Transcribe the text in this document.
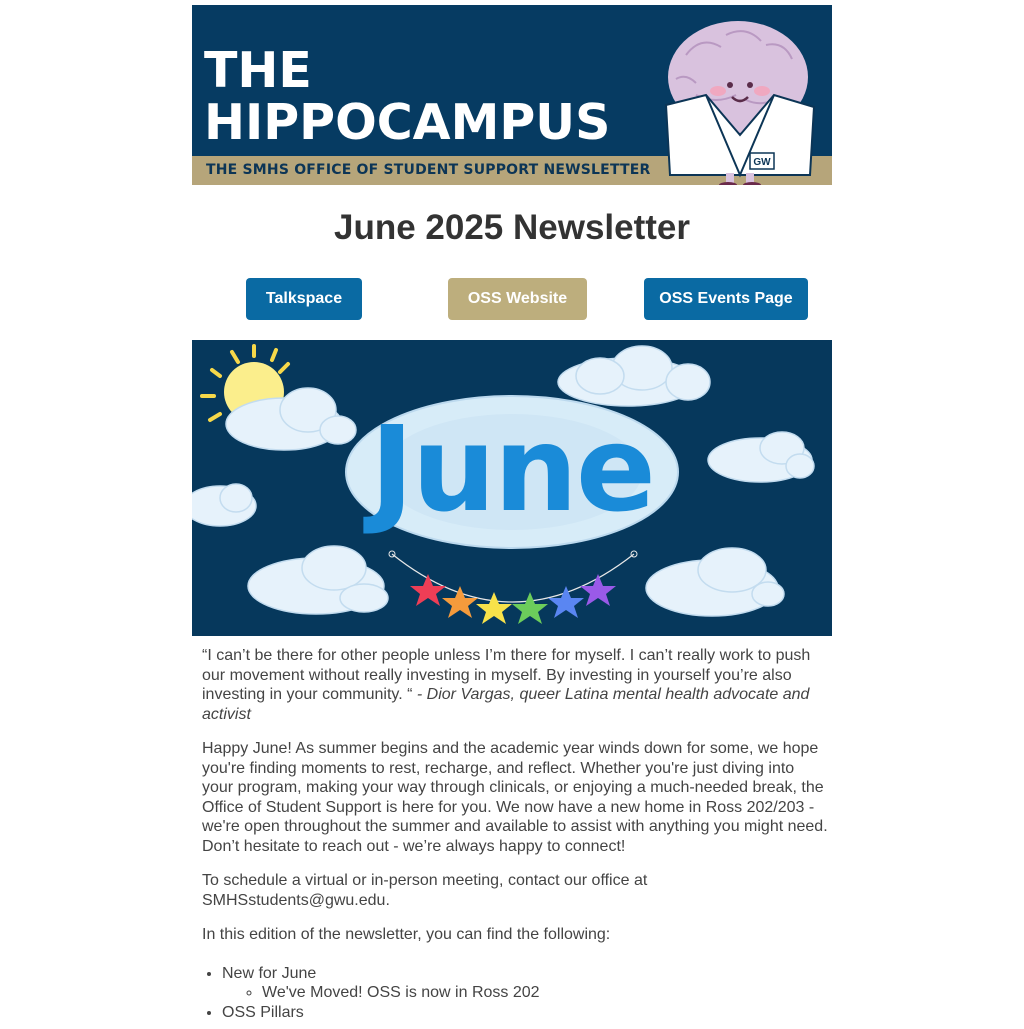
THE
HIPPOCAMPUS
THE SMHS OFFICE OF STUDENT SUPPORT NEWSLETTER	GW
June 2025 Newsletter
Talkspace	OSS Website	OSS Events Page
June

“I can’t be there for other people unless I’m there for myself. I can’t really work to push our movement without really investing in myself. By investing in yourself you’re also investing in your community. “ - Dior Vargas, queer Latina mental health advocate and activist

Happy June! As summer begins and the academic year winds down for some, we hope you're finding moments to rest, recharge, and reflect. Whether you're just diving into your program, making your way through clinicals, or enjoying a much-needed break, the Office of Student Support is here for you. We now have a new home in Ross 202/203 - we're open throughout the summer and available to assist with anything you might need. Don’t hesitate to reach out - we’re always happy to connect!

To schedule a virtual or in-person meeting, contact our office at SMHSstudents@gwu.edu.

In this edition of the newsletter, you can find the following:

• New for June
◦ We've Moved! OSS is now in Ross 202
• OSS Pillars
